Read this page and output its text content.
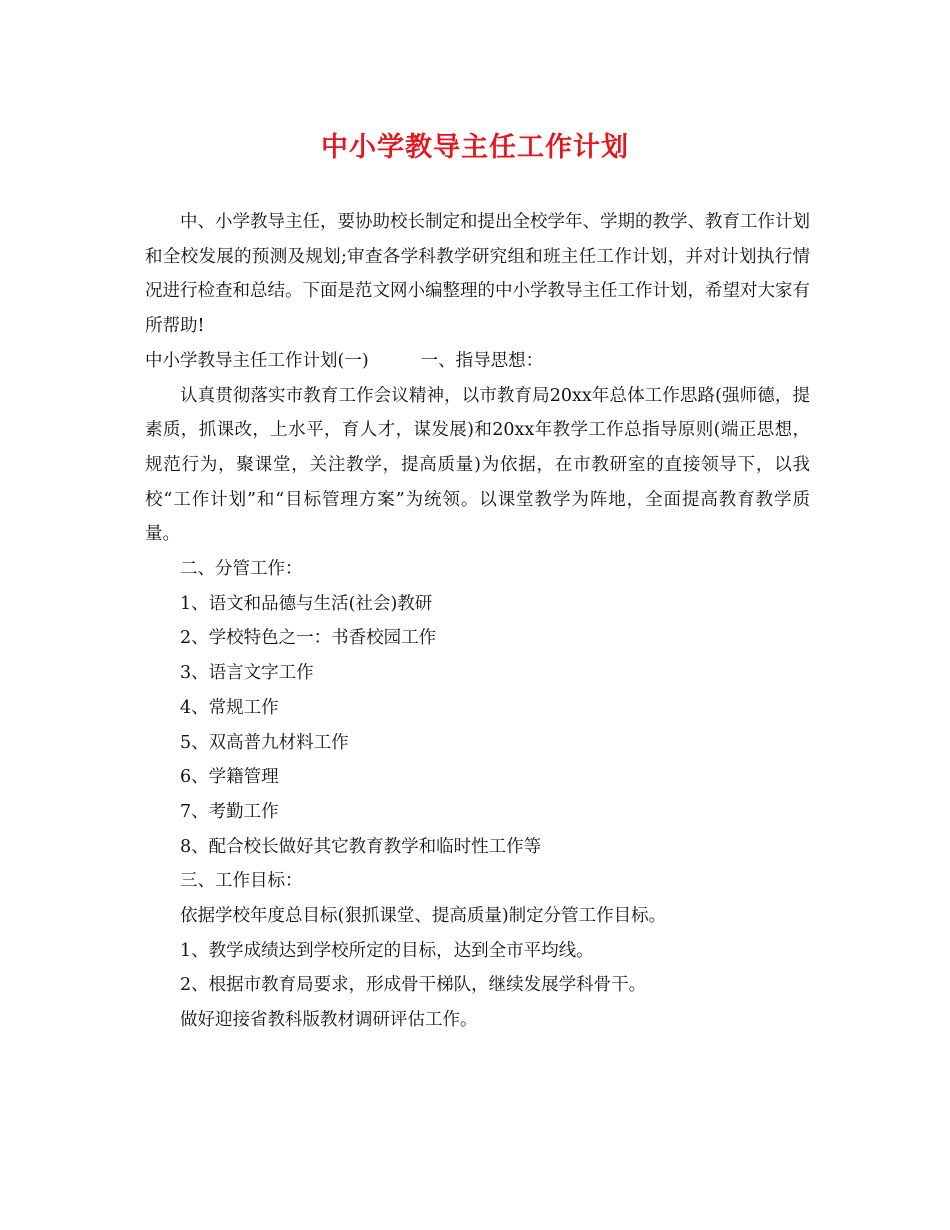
中小学教导主任工作计划

中、小学教导主任，要协助校长制定和提出全校学年、学期的教学、教育工作计划和全校发展的预测及规划;审查各学科教学研究组和班主任工作计划，并对计划执行情况进行检查和总结。下面是范文网小编整理的中小学教导主任工作计划，希望对大家有所帮助!

中小学教导主任工作计划(一)	一、指导思想：

认真贯彻落实市教育工作会议精神，以市教育局20xx年总体工作思路(强师德，提素质，抓课改，上水平，育人才，谋发展)和20xx年教学工作总指导原则(端正思想，规范行为，聚课堂，关注教学，提高质量)为依据，在市教研室的直接领导下，以我校“工作计划”和“目标管理方案”为统领。以课堂教学为阵地，全面提高教育教学质量。

二、分管工作：

1、语文和品德与生活(社会)教研

2、学校特色之一：书香校园工作

3、语言文字工作

4、常规工作

5、双高普九材料工作

6、学籍管理

7、考勤工作

8、配合校长做好其它教育教学和临时性工作等

三、工作目标：

依据学校年度总目标(狠抓课堂、提高质量)制定分管工作目标。

1、教学成绩达到学校所定的目标，达到全市平均线。

2、根据市教育局要求，形成骨干梯队，继续发展学科骨干。

做好迎接省教科版教材调研评估工作。
